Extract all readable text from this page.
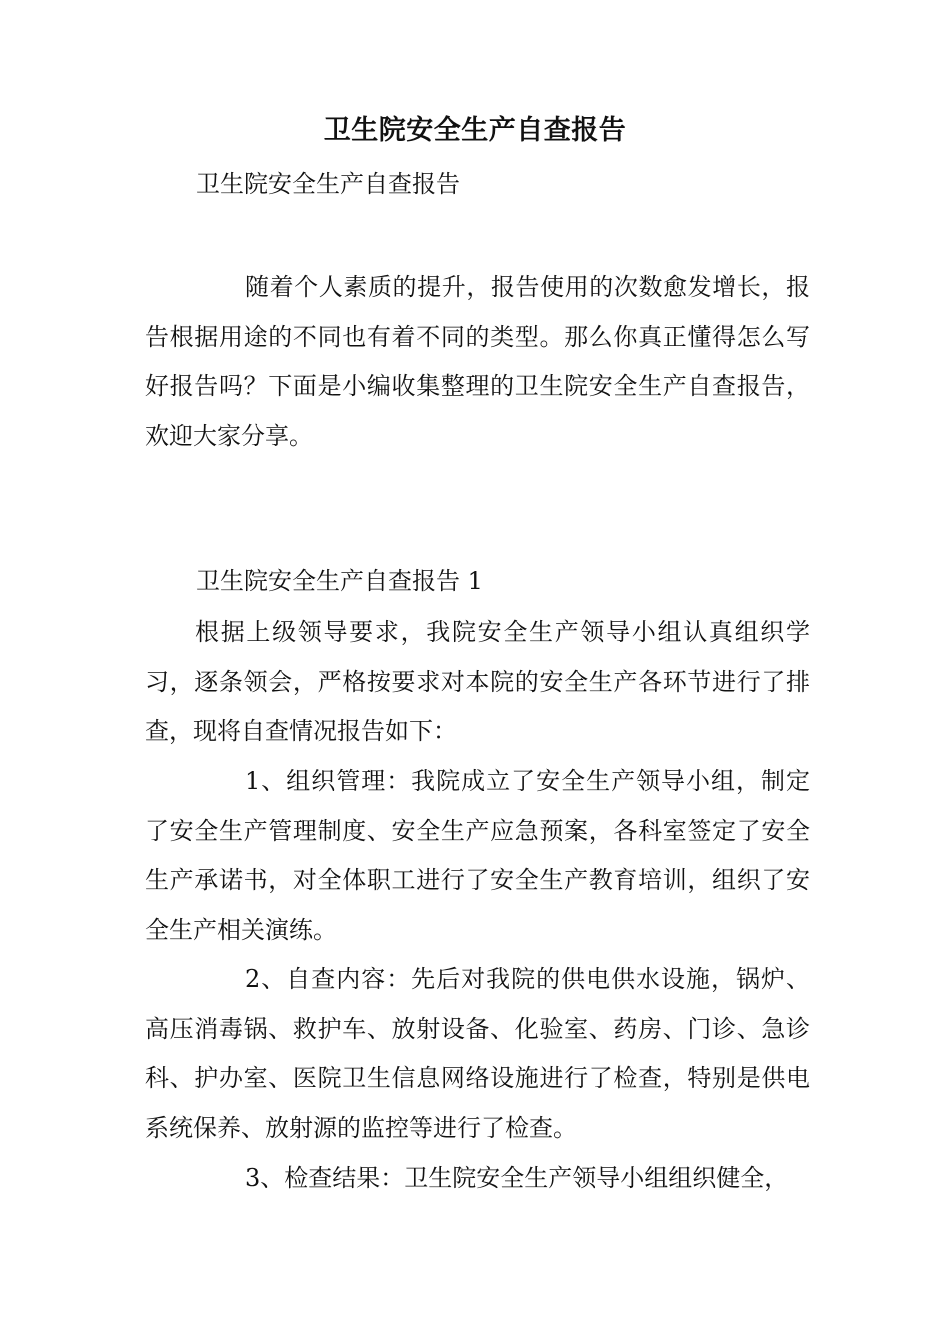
卫生院安全生产自查报告
卫生院安全生产自查报告

随着个人素质的提升，报告使用的次数愈发增长，报告根据用途的不同也有着不同的类型。那么你真正懂得怎么写好报告吗？下面是小编收集整理的卫生院安全生产自查报告，欢迎大家分享。

卫生院安全生产自查报告 1

根据上级领导要求，我院安全生产领导小组认真组织学习，逐条领会，严格按要求对本院的安全生产各环节进行了排查，现将自查情况报告如下：

1、组织管理：我院成立了安全生产领导小组，制定了安全生产管理制度、安全生产应急预案，各科室签定了安全生产承诺书，对全体职工进行了安全生产教育培训，组织了安全生产相关演练。

2、自查内容：先后对我院的供电供水设施，锅炉、高压消毒锅、救护车、放射设备、化验室、药房、门诊、急诊科、护办室、医院卫生信息网络设施进行了检查，特别是供电系统保养、放射源的监控等进行了检查。

3、检查结果：卫生院安全生产领导小组组织健全，
